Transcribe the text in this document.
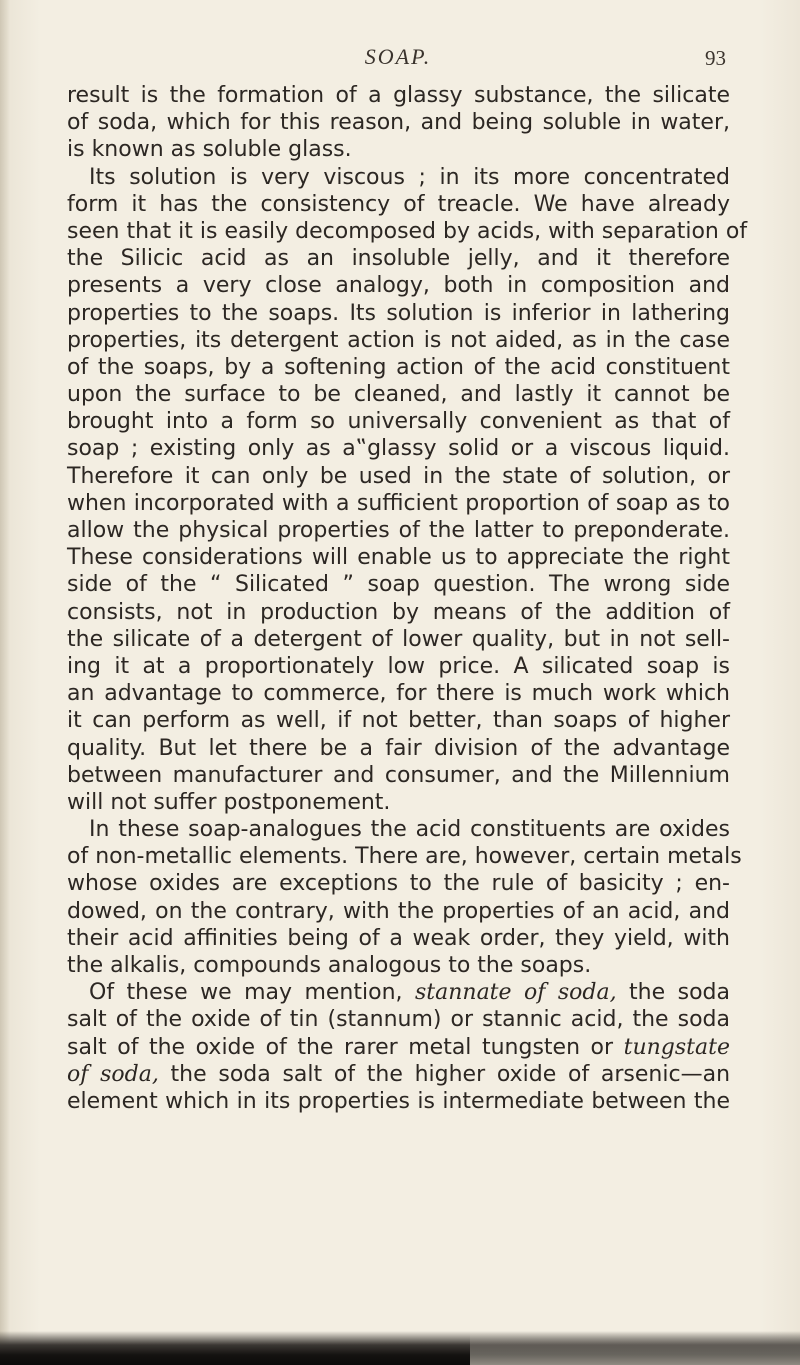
SOAP.	93
result is the formation of a glassy substance, the silicate
of soda, which for this reason, and being soluble in water,
is known as soluble glass.
Its solution is very viscous ; in its more concentrated
form it has the consistency of treacle. We have already
seen that it is easily decomposed by acids, with separation of
the Silicic acid as an insoluble jelly, and it therefore
presents a very close analogy, both in composition and
properties to the soaps. Its solution is inferior in lathering
properties, its detergent action is not aided, as in the case
of the soaps, by a softening action of the acid constituent
upon the surface to be cleaned, and lastly it cannot be
brought into a form so universally convenient as that of
soap ; existing only as a‟glassy solid or a viscous liquid.
Therefore it can only be used in the state of solution, or
when incorporated with a sufficient proportion of soap as to
allow the physical properties of the latter to preponderate.
These considerations will enable us to appreciate the right
side of the “ Silicated ” soap question. The wrong side
consists, not in production by means of the addition of
the silicate of a detergent of lower quality, but in not sell-
ing it at a proportionately low price. A silicated soap is
an advantage to commerce, for there is much work which
it can perform as well, if not better, than soaps of higher
quality. But let there be a fair division of the advantage
between manufacturer and consumer, and the Millennium
will not suffer postponement.
In these soap-analogues the acid constituents are oxides
of non-metallic elements. There are, however, certain metals
whose oxides are exceptions to the rule of basicity ; en-
dowed, on the contrary, with the properties of an acid, and
their acid affinities being of a weak order, they yield, with
the alkalis, compounds analogous to the soaps.
Of these we may mention, stannate of soda, the soda
salt of the oxide of tin (stannum) or stannic acid, the soda
salt of the oxide of the rarer metal tungsten or tungstate
of soda, the soda salt of the higher oxide of arsenic—an
element which in its properties is intermediate between the
